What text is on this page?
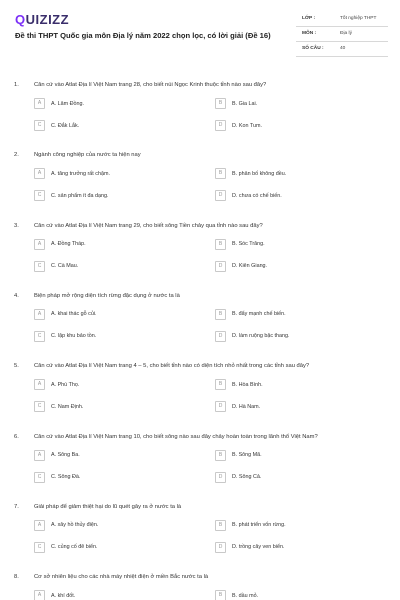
QUIZIZZ
Đề thi THPT Quốc gia môn Địa lý năm 2022 chọn lọc, có lời giải (Đề 16)
LỚP :	Tốt nghiệp THPT
MÔN :	Địa lý
SỐ CÂU :	40
1.	Căn cứ vào Atlat Địa lí Việt Nam trang 28, cho biết núi Ngọc Krinh thuộc tỉnh nào sau đây?
A	A. Lâm Đồng.	B	B. Gia Lai.
C	C. Đắk Lắk.	D	D. Kon Tum.
2.	Ngành công nghiệp của nước ta hiện nay
A	A. tăng trưởng rất chậm.	B	B. phân bố không đều.
C	C. sản phẩm ít đa dạng.	D	D. chưa có chế biến.
3.	Căn cứ vào Atlat Địa lí Việt Nam trang 29, cho biết sông Tiền chảy qua tỉnh nào sau đây?
A	A. Đồng Tháp.	B	B. Sóc Trăng.
C	C. Cà Mau.	D	D. Kiên Giang.
4.	Biện pháp mở rộng diện tích rừng đặc dụng ở nước ta là
A	A. khai thác gỗ củi.	B	B. đẩy mạnh chế biến.
C	C. lập khu bảo tồn.	D	D. làm ruộng bậc thang.
5.	Căn cứ vào Atlat Địa lí Việt Nam trang 4 – 5, cho biết tỉnh nào có diện tích nhỏ nhất trong các tỉnh sau đây?
A	A. Phú Thọ.	B	B. Hòa Bình.
C	C. Nam Định.	D	D. Hà Nam.
6.	Căn cứ vào Atlat Địa lí Việt Nam trang 10, cho biết sông nào sau đây chảy hoàn toàn trong lãnh thổ Việt Nam?
A	A. Sông Ba.	B	B. Sông Mã.
C	C. Sông Đà.	D	D. Sông Cả.
7.	Giải pháp để giảm thiệt hại do lũ quét gây ra ở nước ta là
A	A. xây hồ thủy điện.	B	B. phát triển vốn rừng.
C	C. củng cố đê biển.	D	D. trồng cây ven biển.
8.	Cơ sở nhiên liệu cho các nhà máy nhiệt điện ở miền Bắc nước ta là
A	A. khí đốt.	B	B. dầu mỏ.
